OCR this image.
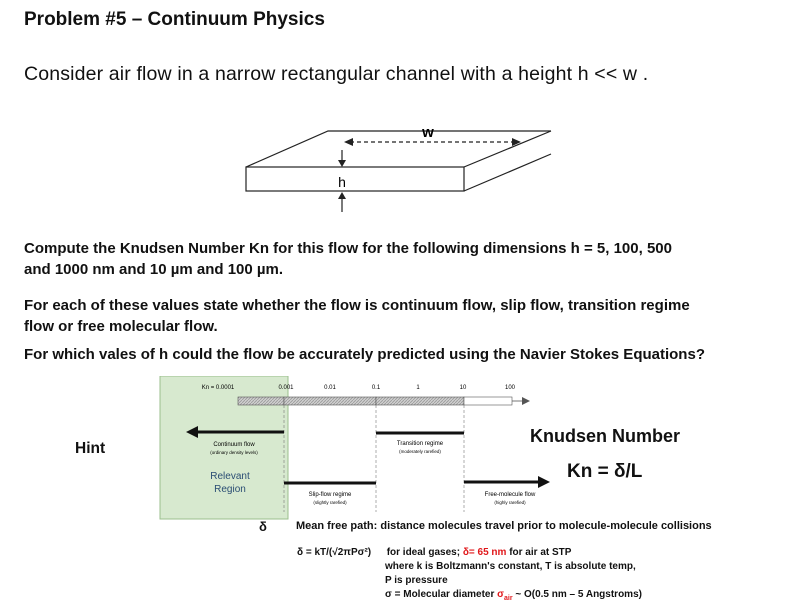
Problem #5 – Continuum Physics
Consider air flow in a narrow rectangular channel with a height h << w .
w
h
Compute the Knudsen Number Kn for this flow for the following dimensions h = 5, 100, 500
and 1000 nm and 10 µm and 100 µm.
For each of these values state whether the flow is continuum flow, slip flow, transition regime
flow or free molecular flow.
For which vales of h could the flow be accurately predicted using the Navier Stokes Equations?
Hint
Kn = 0.0001	0.001	0.01	0.1	1	10	100
Continuum flow
(ordinary density levels)
Transition regime
(moderately rarefied)
Relevant
Region	Slip-flow regime
(slightly rarefied)
Free-molecule flow
(highly rarefied)
Knudsen Number
Kn = δ/L
δ	Mean free path: distance molecules travel prior to molecule-molecule collisions
δ = kT/(√2πPσ²) for ideal gases; δ= 65 nm for air at STP
where k is Boltzmann's constant, T is absolute temp,
P is pressure
σ = Molecular diameter $\sigma_{air}$ ~ O(0.5 nm – 5 Angstroms)
